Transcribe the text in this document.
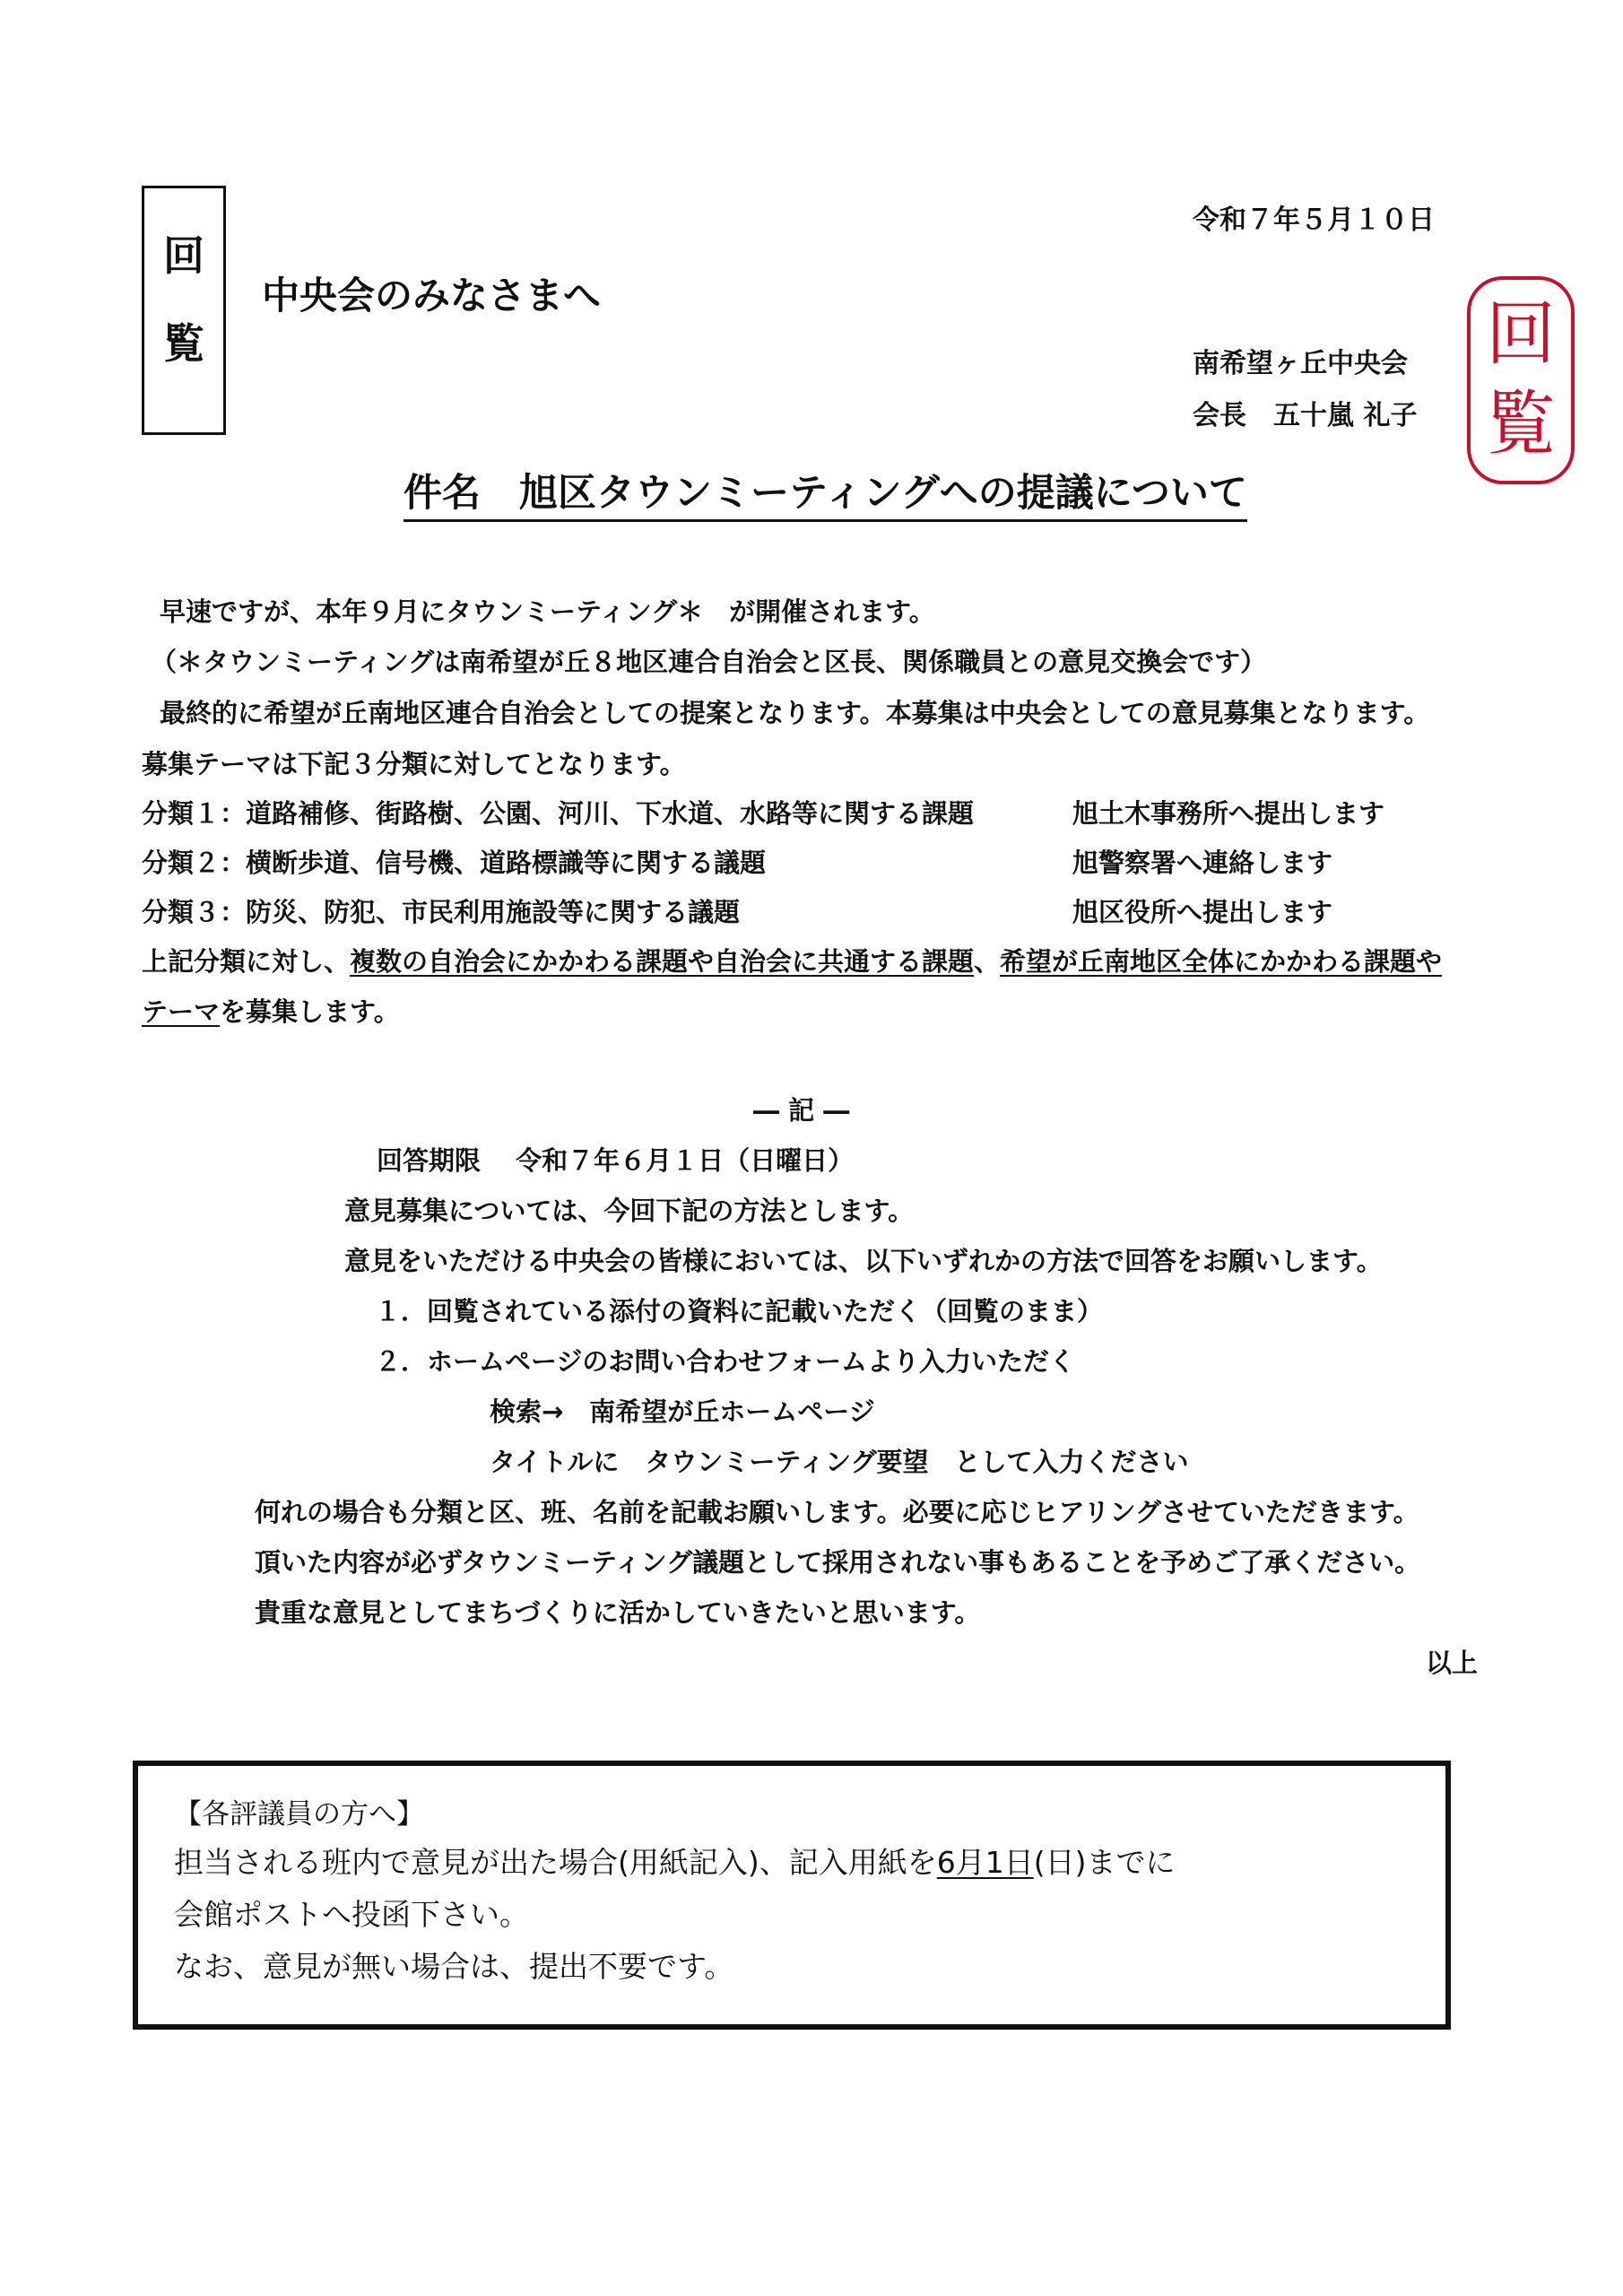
回
覧
令和７年５月１０日
中央会のみなさまへ
南希望ヶ丘中央会
会長　五十嵐 礼子
回
覧
件名　旭区タウンミーティングへの提議について
早速ですが、本年９月にタウンミーティング＊　が開催されます。
（＊タウンミーティングは南希望が丘８地区連合自治会と区長、関係職員との意見交換会です）
最終的に希望が丘南地区連合自治会としての提案となります。本募集は中央会としての意見募集となります。
募集テーマは下記３分類に対してとなります。
分類１：道路補修、街路樹、公園、河川、下水道、水路等に関する課題	旭土木事務所へ提出します
分類２：横断歩道、信号機、道路標識等に関する議題	旭警察署へ連絡します
分類３：防災、防犯、市民利用施設等に関する議題	旭区役所へ提出します
上記分類に対し、複数の自治会にかかわる課題や自治会に共通する課題、希望が丘南地区全体にかかわる課題や
テーマを募集します。
― 記 ―
回答期限　 令和７年６月１日（日曜日）
意見募集については、今回下記の方法とします。
意見をいただける中央会の皆様においては、以下いずれかの方法で回答をお願いします。
１．回覧されている添付の資料に記載いただく（回覧のまま）
２．ホームページのお問い合わせフォームより入力いただく
検索→　南希望が丘ホームページ
タイトルに　タウンミーティング要望　として入力ください
何れの場合も分類と区、班、名前を記載お願いします。必要に応じヒアリングさせていただきます。
頂いた内容が必ずタウンミーティング議題として採用されない事もあることを予めご了承ください。
貴重な意見としてまちづくりに活かしていきたいと思います。
以上
【各評議員の方へ】
担当される班内で意見が出た場合(用紙記入)、記入用紙を6月1日(日)までに
会館ポストへ投函下さい。
なお、意見が無い場合は、提出不要です。
